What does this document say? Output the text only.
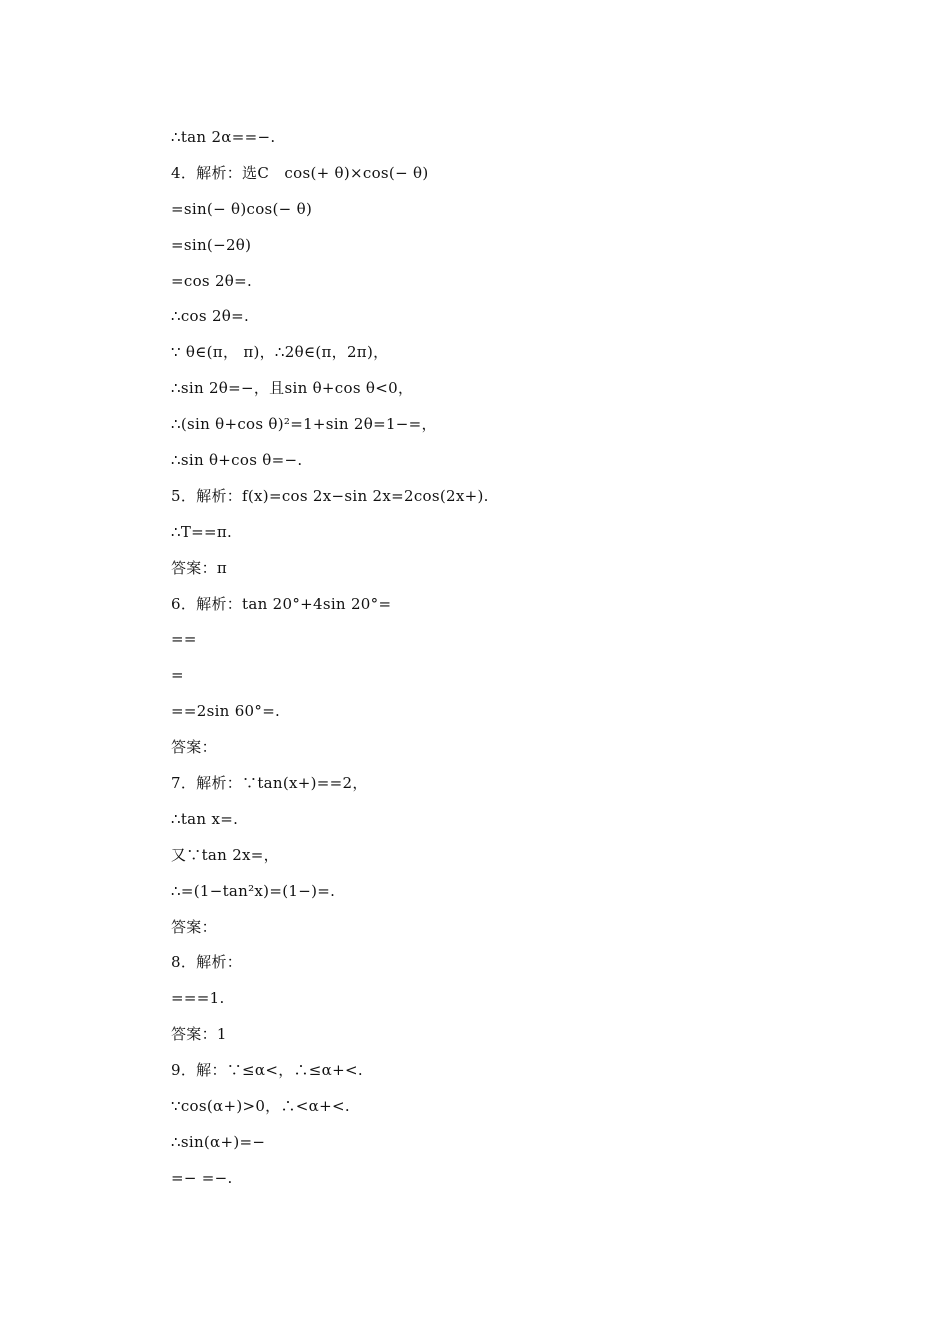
∴tan 2α==−.
4．解析：选C　cos(+ θ)×cos(− θ)
=sin(− θ)cos(− θ)
=sin(−2θ)
=cos 2θ=.
∴cos 2θ=.
∵ θ∈(π， π)，∴2θ∈(π，2π)，
∴sin 2θ=−，且sin θ+cos θ<0，
∴(sin θ+cos θ)²=1+sin 2θ=1−=，
∴sin θ+cos θ=−.
5．解析：f(x)=cos 2x−sin 2x=2cos(2x+).
∴T==π.
答案：π
6．解析：tan 20°+4sin 20°=
==
=
==2sin 60°=.
答案：
7．解析：∵tan(x+)==2，
∴tan x=.
又∵tan 2x=，
∴=(1−tan²x)=(1−)=.
答案：
8．解析：
===1.
答案：1
9．解：∵≤α<，∴≤α+<.
∵cos(α+)>0，∴<α+<.
∴sin(α+)=−
=− =−.
